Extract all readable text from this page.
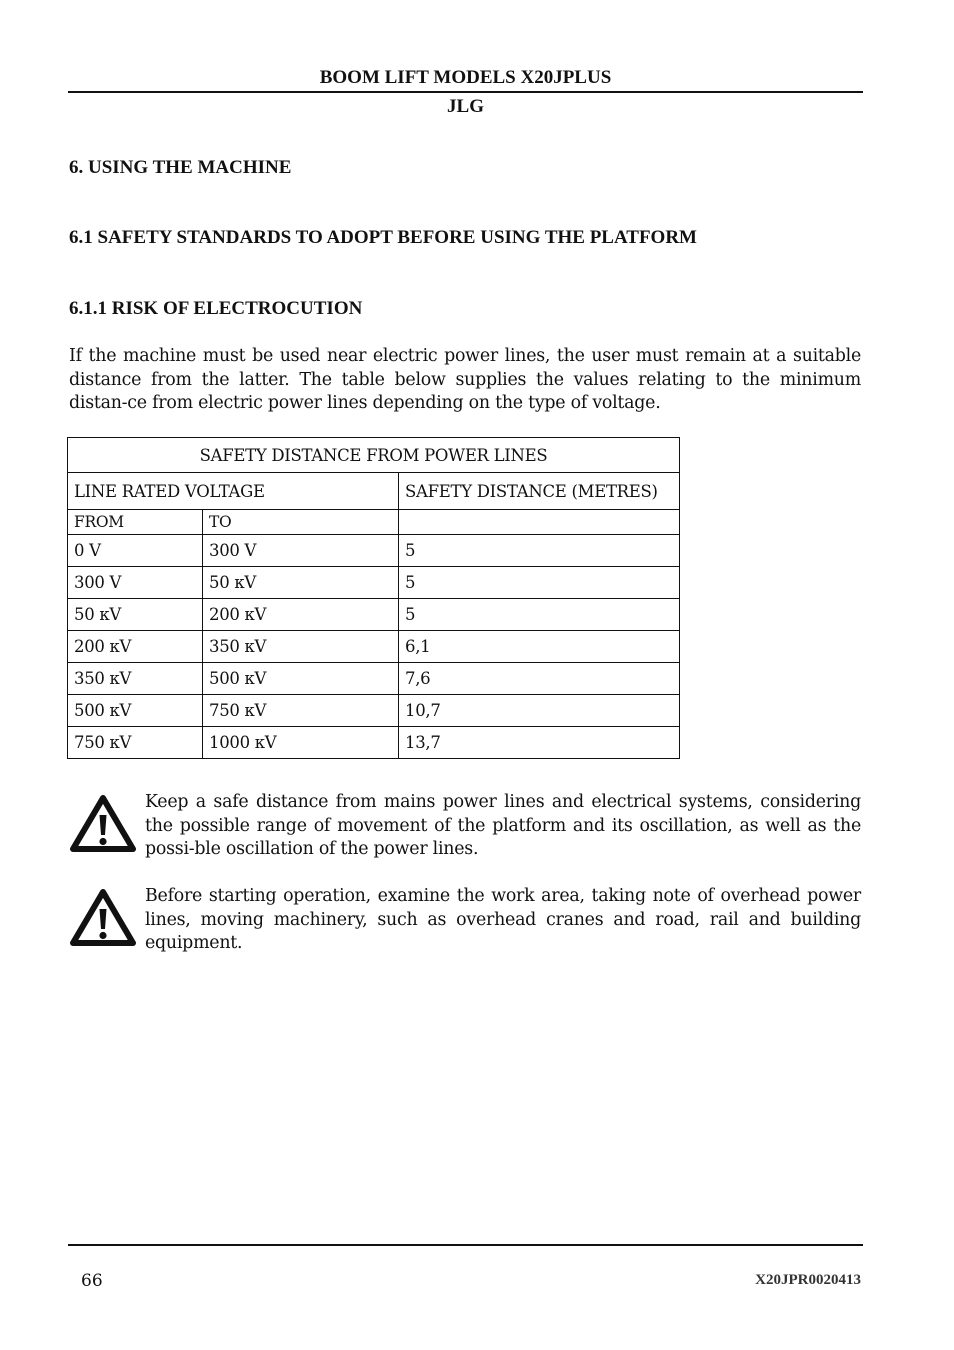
BOOM LIFT MODELS X20JPLUS
JLG
6. USING THE MACHINE
6.1 SAFETY STANDARDS TO ADOPT BEFORE USING THE PLATFORM
6.1.1 RISK OF ELECTROCUTION
If the machine must be used near electric power lines, the user must remain at a suitable distance from the latter. The table below supplies the values relating to the minimum distan-ce from electric power lines depending on the type of voltage.
SAFETY DISTANCE FROM POWER LINES		
LINE RATED VOLTAGE		SAFETY DISTANCE (METRES)
FROM	TO	
0 V	300 V	5
300 V	50 κV	5
50 κV	200 κV	5
200 κV	350 κV	6,1
350 κV	500 κV	7,6
500 κV	750 κV	10,7
750 κV	1000 κV	13,7
Keep a safe distance from mains power lines and electrical systems, considering the possible range of movement of the platform and its oscillation, as well as the possi-ble oscillation of the power lines.
Before starting operation, examine the work area, taking note of overhead power lines, moving machinery, such as overhead cranes and road, rail and building equipment.
66	X20JPR0020413
